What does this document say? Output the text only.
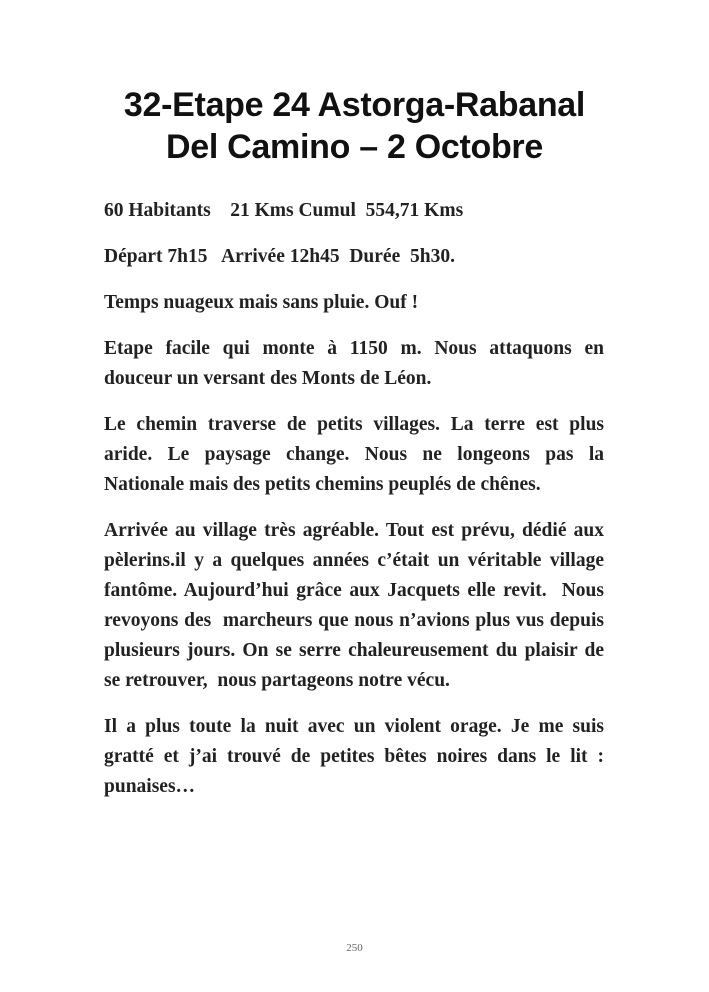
32-Etape 24 Astorga-Rabanal
Del Camino – 2 Octobre

60 Habitants    21 Kms Cumul  554,71 Kms

Départ 7h15   Arrivée 12h45  Durée  5h30.

Temps nuageux mais sans pluie. Ouf !

Etape facile qui monte à 1150 m. Nous attaquons en douceur un versant des Monts de Léon.

Le chemin traverse de petits villages. La terre est plus aride. Le paysage change. Nous ne longeons pas la Nationale mais des petits chemins peuplés de chênes.

Arrivée au village très agréable. Tout est prévu, dédié aux  pèlerins.il y a quelques années c’était un véritable village fantôme. Aujourd’hui grâce aux Jacquets elle revit.  Nous revoyons des  marcheurs que nous n’avions plus vus depuis plusieurs jours. On se serre chaleureusement du plaisir de se retrouver,  nous partageons notre vécu.

Il a plus toute la nuit avec un violent orage. Je me suis gratté et j’ai trouvé de petites bêtes noires dans le lit : punaises…

250
